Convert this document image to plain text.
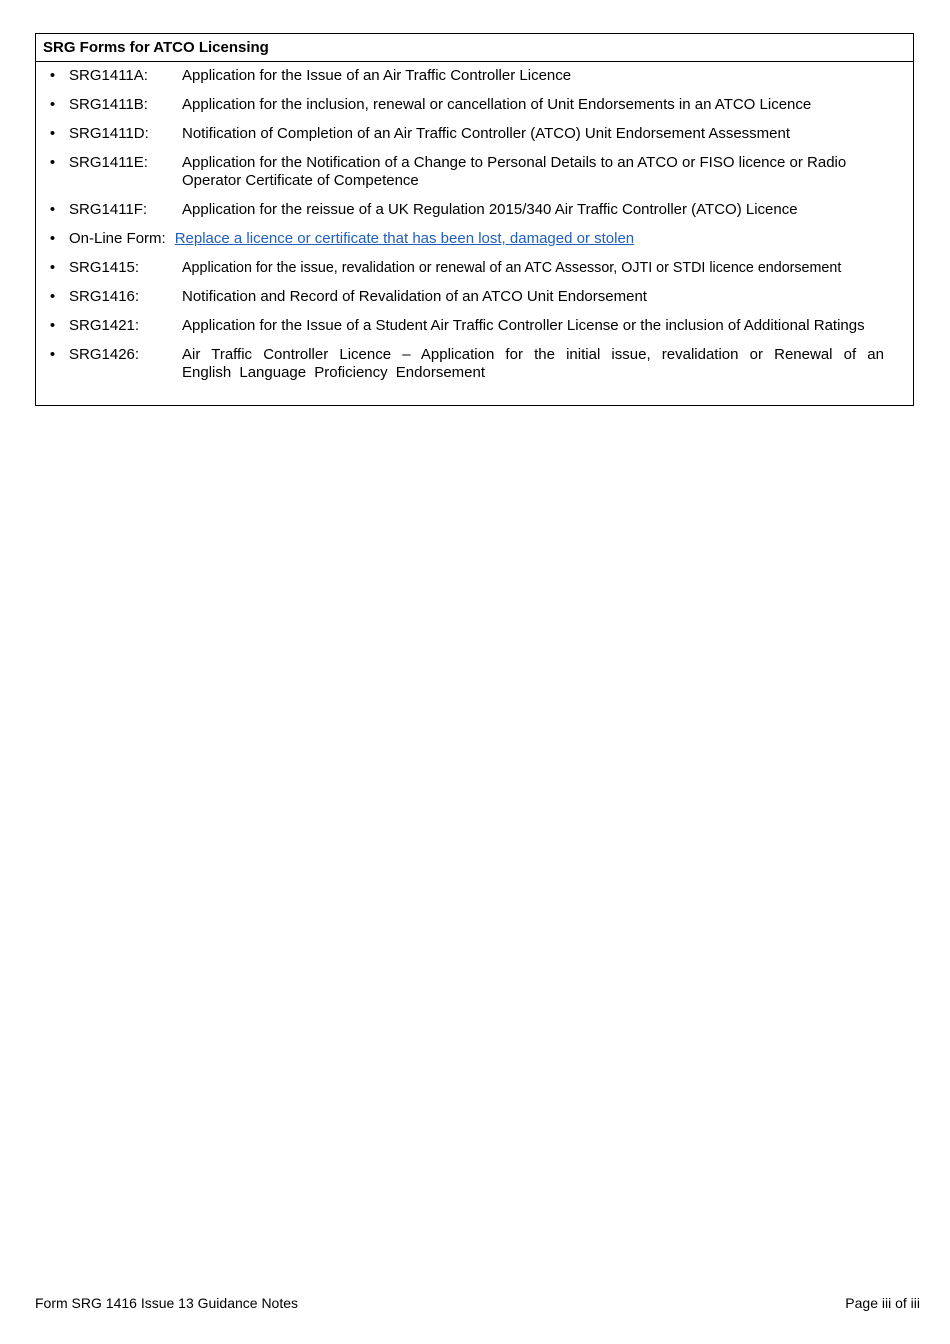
SRG Forms for ATCO Licensing
•
SRG1411A:	Application for the Issue of an Air Traffic Controller Licence
•
SRG1411B:	Application for the inclusion, renewal or cancellation of Unit Endorsements in an ATCO Licence
•
SRG1411D:	Notification of Completion of an Air Traffic Controller (ATCO) Unit Endorsement Assessment
•
SRG1411E:	Application for the Notification of a Change to Personal Details to an ATCO or FISO licence or Radio Operator Certificate of Competence
•
SRG1411F:	Application for the reissue of a UK Regulation 2015/340 Air Traffic Controller (ATCO) Licence
•
On-Line Form: Replace a licence or certificate that has been lost, damaged or stolen
•
SRG1415:	Application for the issue, revalidation or renewal of an ATC Assessor, OJTI or STDI licence endorsement
•
SRG1416:	Notification and Record of Revalidation of an ATCO Unit Endorsement
•
SRG1421:	Application for the Issue of a Student Air Traffic Controller License or the inclusion of Additional Ratings
•
SRG1426:	Air Traffic Controller Licence – Application for the initial issue, revalidation or Renewal of an English Language Proficiency Endorsement
Form SRG 1416 Issue 13 Guidance Notes	Page iii of iii
